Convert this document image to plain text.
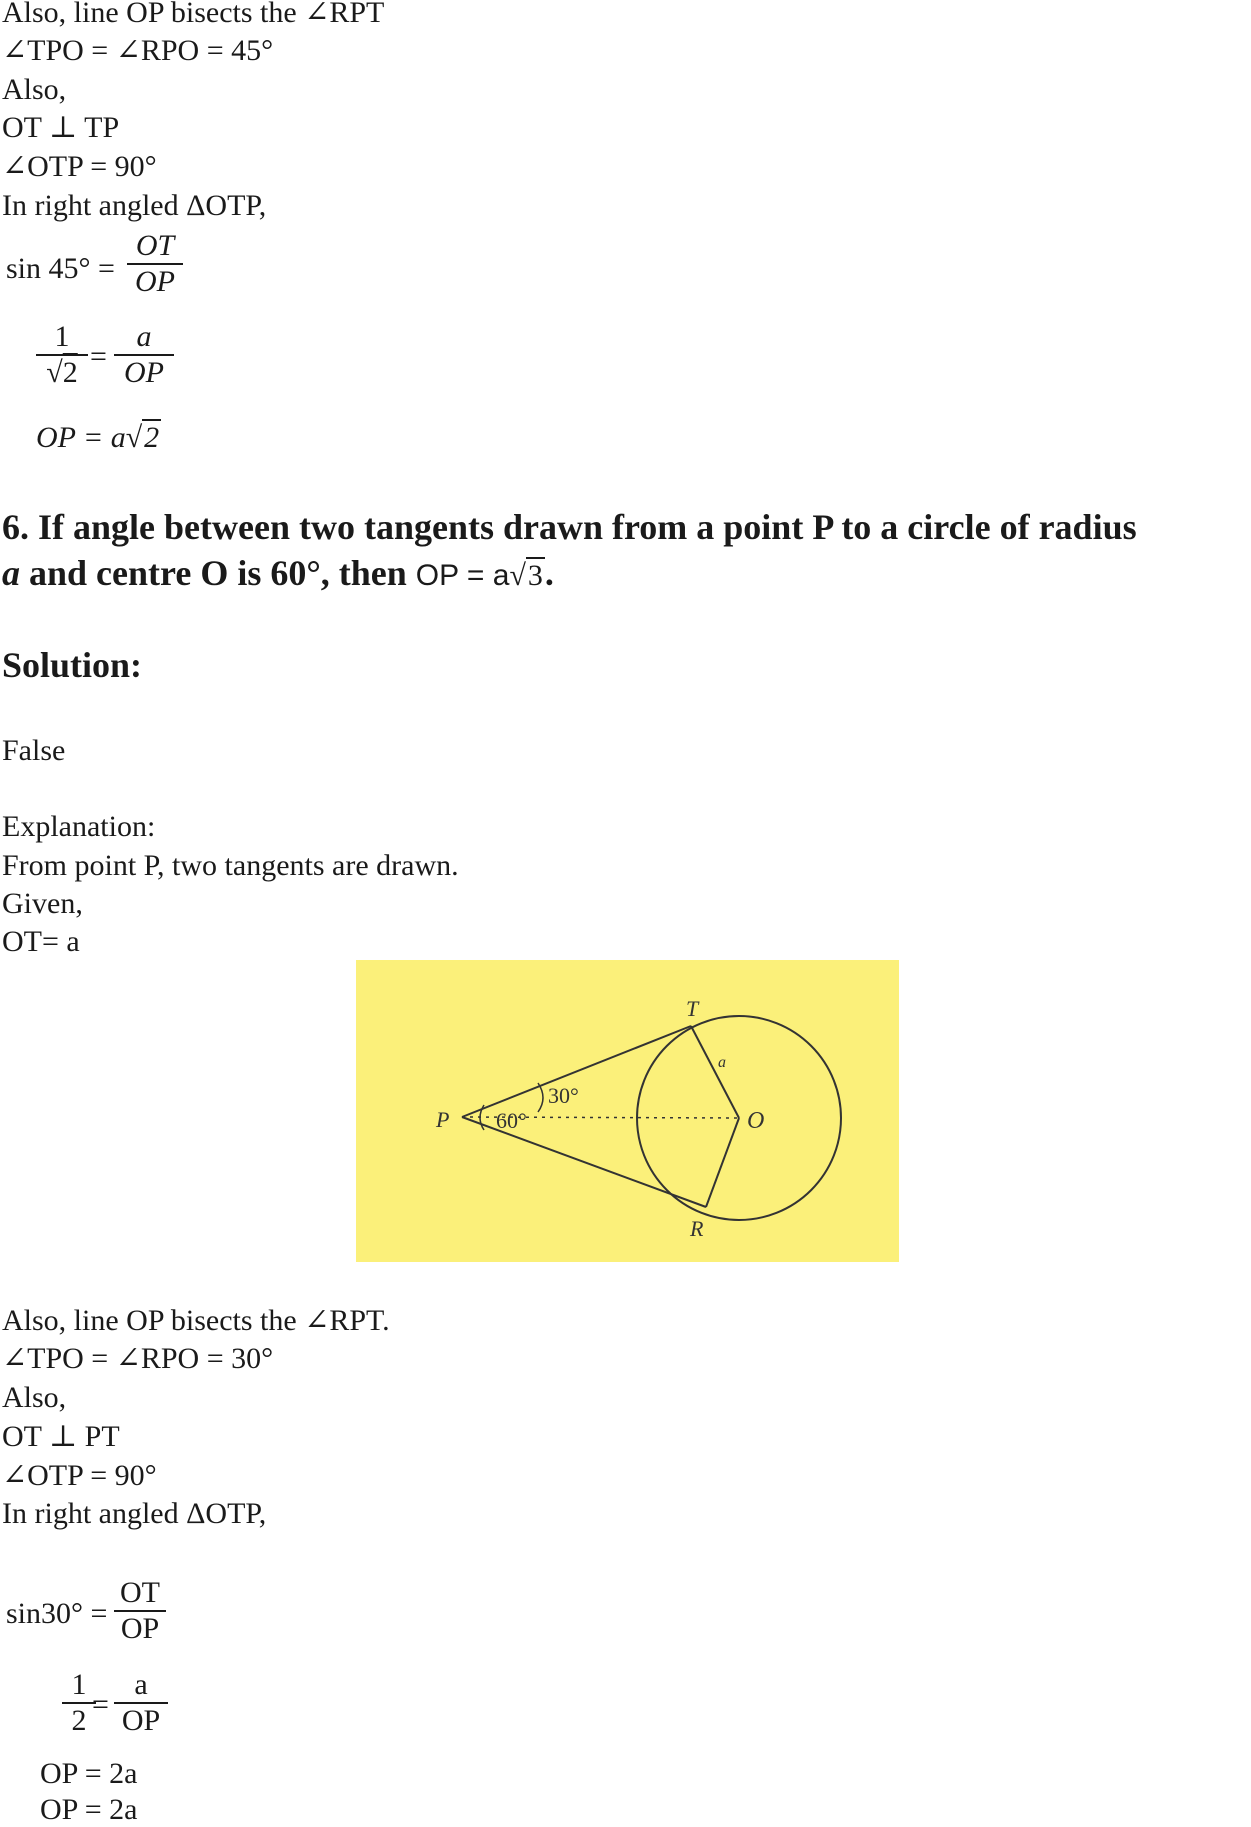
Also, line OP bisects the ∠RPT
∠TPO = ∠RPO = 45°
Also,
OT ⊥ TP
∠OTP = 90°
In right angled ΔOTP,
sin 45° =
OT
OP
1
√2 =
a
OP
OP = a√2
6. If angle between two tangents drawn from a point P to a circle of radius
a and centre O is 60°, then OP = a√3.
Solution:
False
Explanation:
From point P, two tangents are drawn.
Given,
OT= a
T
P	O
R
a
30°
60°
Also, line OP bisects the ∠RPT.
∠TPO = ∠RPO = 30°
Also,
OT ⊥ PT
∠OTP = 90°
In right angled ΔOTP,
sin30° =
OT
OP
1
2 =
a
OP
OP = 2a
OP = 2a
